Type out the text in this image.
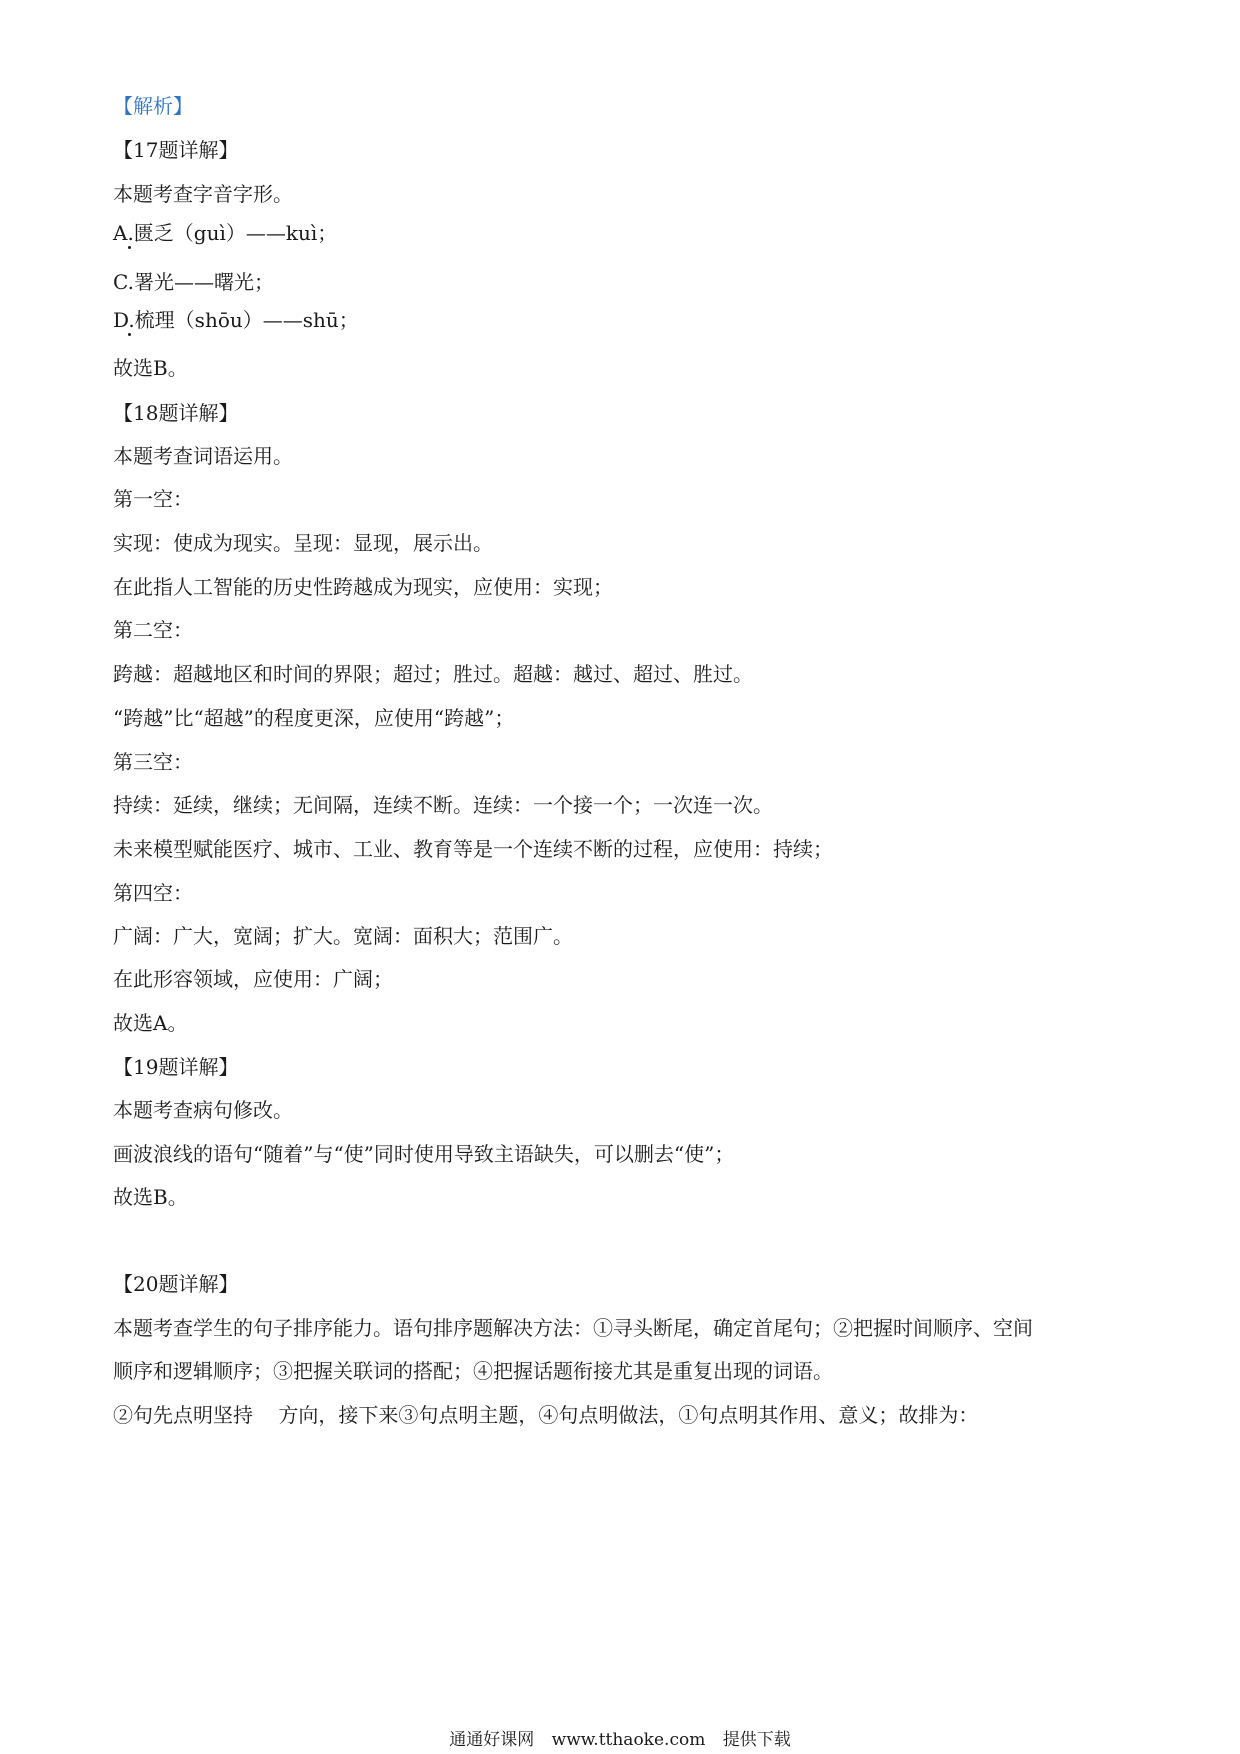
【解析】
【17题详解】
本题考查字音字形。
A.匮乏（guì）——kuì；
C.署光——曙光；
D.梳理（shōu）——shū；
故选B。
【18题详解】
本题考查词语运用。
第一空：
实现：使成为现实。呈现：显现，展示出。
在此指人工智能的历史性跨越成为现实，应使用：实现；
第二空：
跨越：超越地区和时间的界限；超过；胜过。超越：越过、超过、胜过。
“跨越”比“超越”的程度更深，应使用“跨越”；
第三空：
持续：延续，继续；无间隔，连续不断。连续：一个接一个；一次连一次。
未来模型赋能医疗、城市、工业、教育等是一个连续不断的过程，应使用：持续；
第四空：
广阔：广大，宽阔；扩大。宽阔：面积大；范围广。
在此形容领域，应使用：广阔；
故选A。
【19题详解】
本题考查病句修改。
画波浪线的语句“随着”与“使”同时使用导致主语缺失，可以删去“使”；
故选B。
【20题详解】
本题考查学生的句子排序能力。语句排序题解决方法：①寻头断尾，确定首尾句；②把握时间顺序、空间
顺序和逻辑顺序；③把握关联词的搭配；④把握话题衔接尤其是重复出现的词语。
②句先点明坚持    方向，接下来③句点明主题，④句点明做法，①句点明其作用、意义；故排为：
通通好课网 www.tthaoke.com 提供下载
